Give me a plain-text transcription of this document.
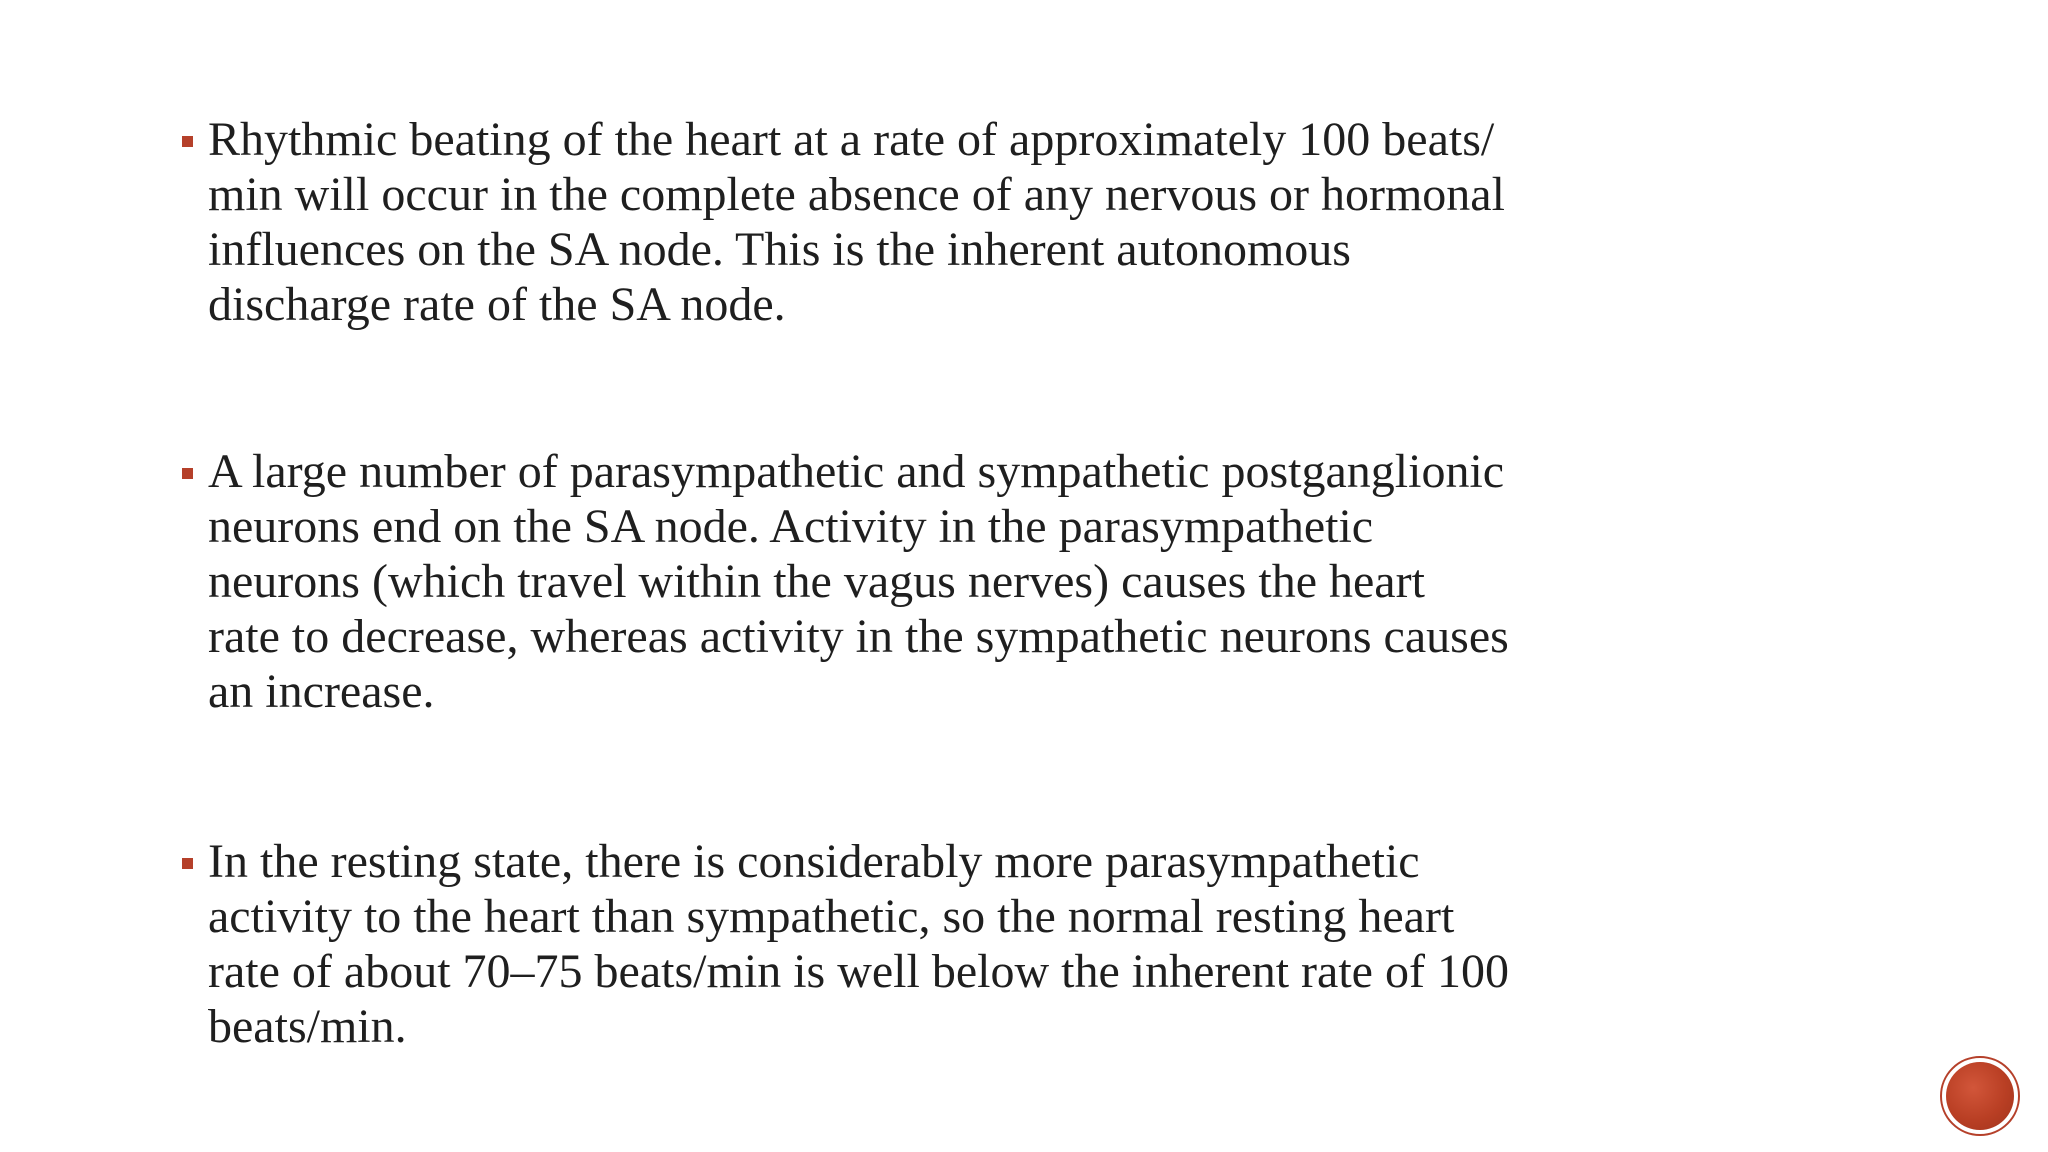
Rhythmic beating of the heart at a rate of approximately 100 beats/
min will occur in the complete absence of any nervous or hormonal
influences on the SA node. This is the inherent autonomous
discharge rate of the SA node.

A large number of parasympathetic and sympathetic postganglionic
neurons end on the SA node. Activity in the parasympathetic
neurons (which travel within the vagus nerves) causes the heart
rate to decrease, whereas activity in the sympathetic neurons causes
an increase.

In the resting state, there is considerably more parasympathetic
activity to the heart than sympathetic, so the normal resting heart
rate of about 70–75 beats/min is well below the inherent rate of 100
beats/min.
